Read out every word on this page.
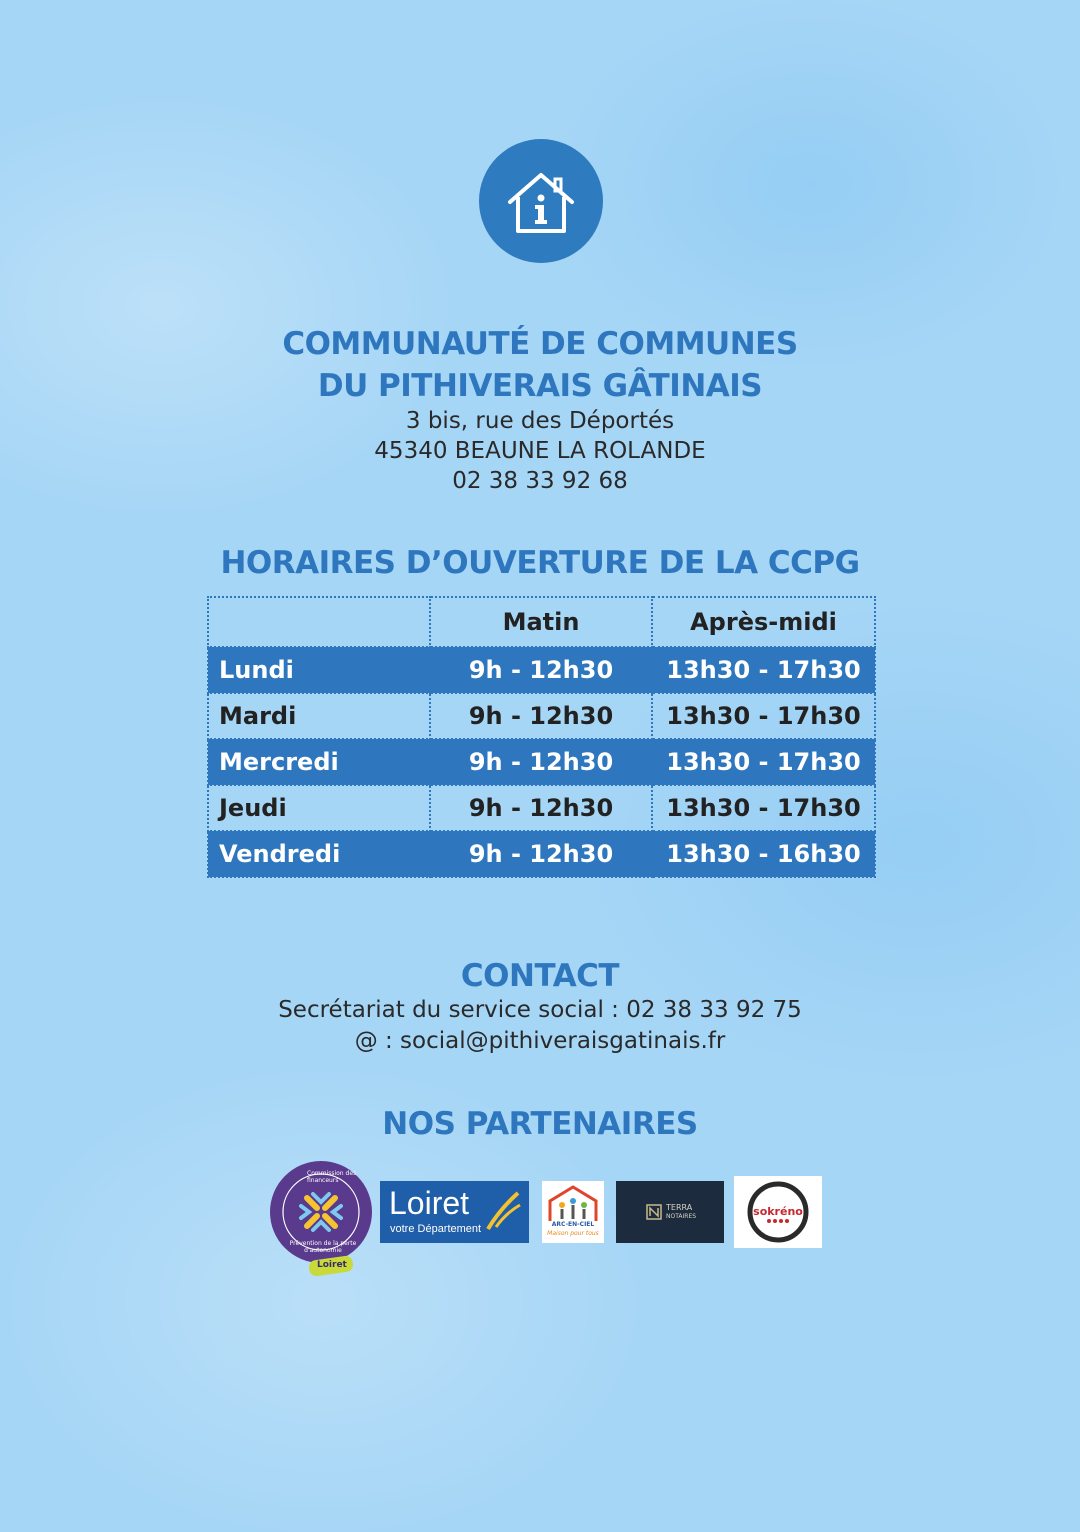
COMMUNAUTÉ DE COMMUNES
DU PITHIVERAIS GÂTINAIS
3 bis, rue des Déportés
45340 BEAUNE LA ROLANDE
02 38 33 92 68
HORAIRES D’OUVERTURE DE LA CCPG
	Matin	Après-midi
Lundi	9h - 12h30	13h30 - 17h30
Mardi	9h - 12h30	13h30 - 17h30
Mercredi	9h - 12h30	13h30 - 17h30
Jeudi	9h - 12h30	13h30 - 17h30
Vendredi	9h - 12h30	13h30 - 16h30
CONTACT
Secrétariat du service social : 02 38 33 92 75
@ : social@pithiveraisgatinais.fr
NOS PARTENAIRES
Commission des financeurs
Prévention de la perte d'autonomie
Loiret
Loiret
votre Département	ARC-EN-CIEL
Maison pour tous
TERRA
NOTAIRES	sokréno
